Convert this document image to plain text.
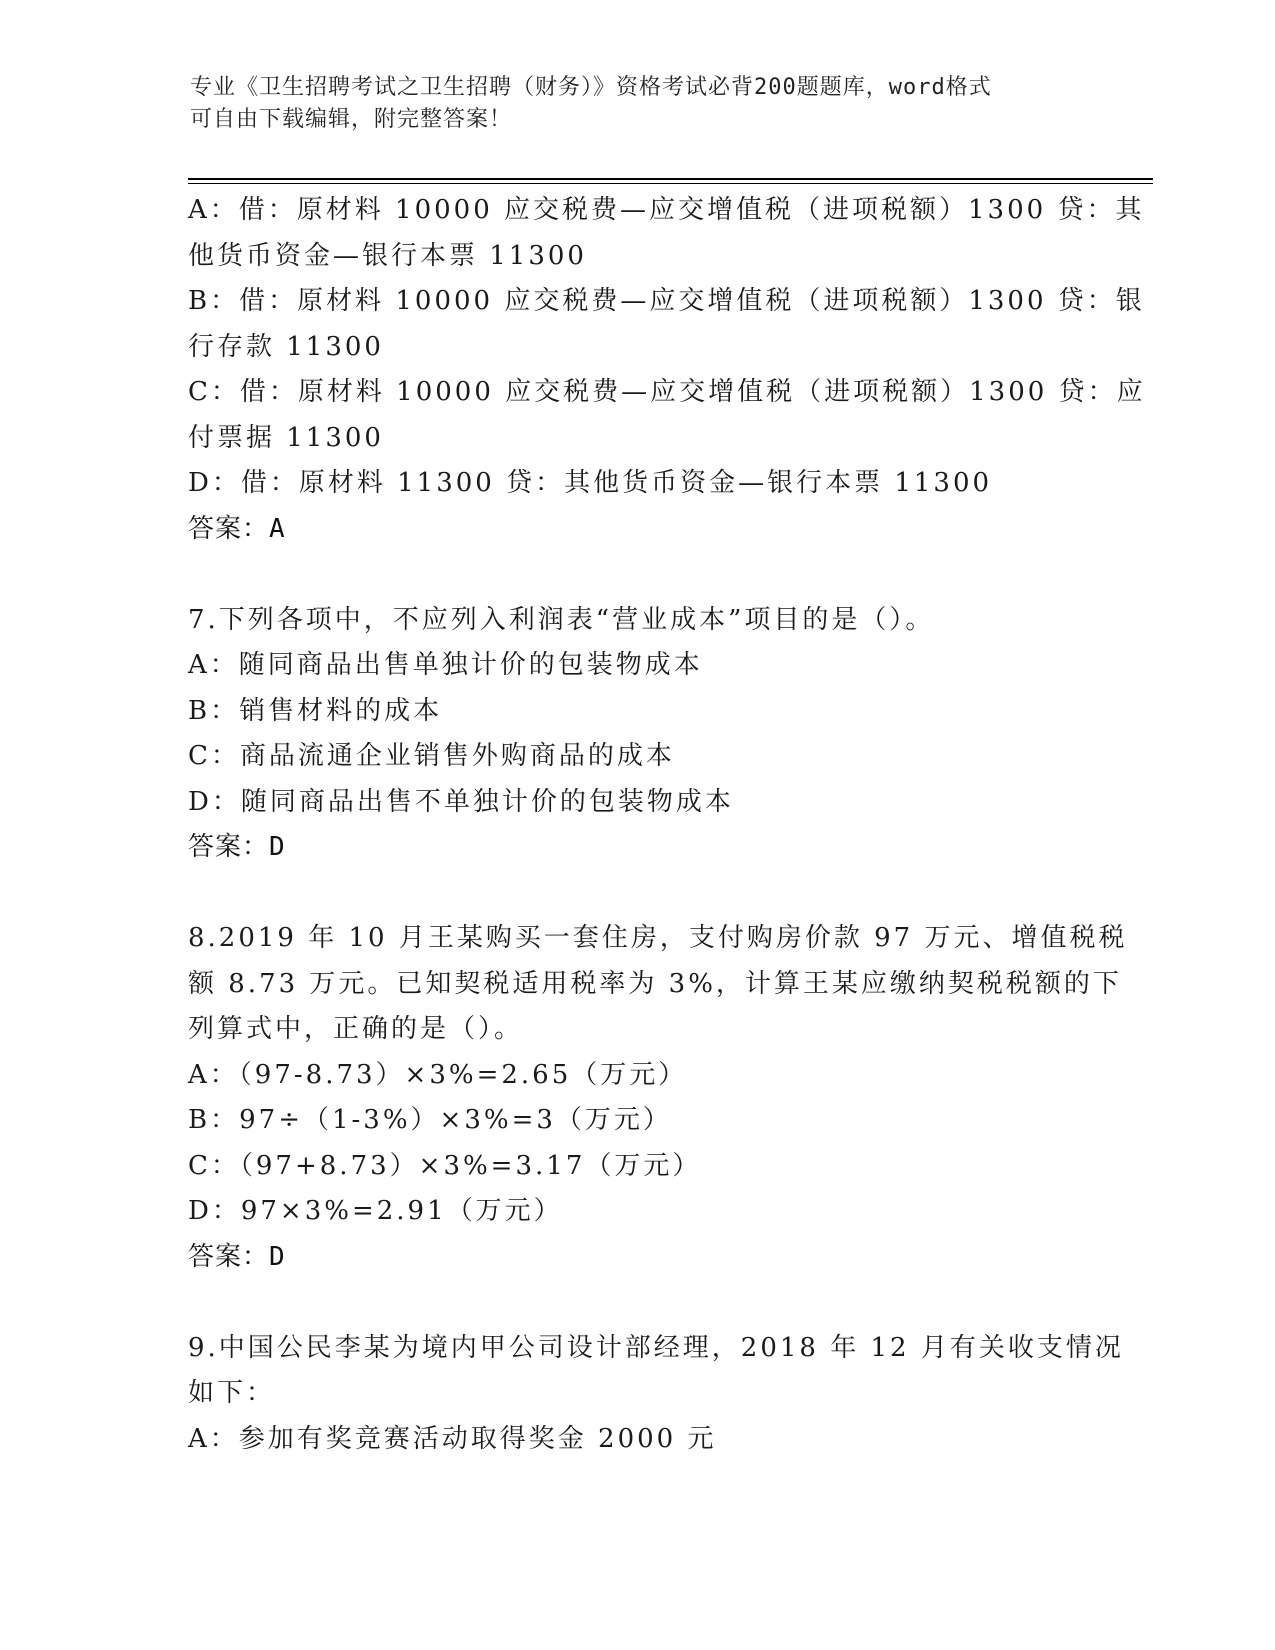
专业《卫生招聘考试之卫生招聘（财务）》资格考试必背200题题库，word格式
可自由下载编辑，附完整答案！
A：借：原材料 10000 应交税费—应交增值税（进项税额）1300 贷：其
他货币资金—银行本票 11300
B：借：原材料 10000 应交税费—应交增值税（进项税额）1300 贷：银
行存款 11300
C：借：原材料 10000 应交税费—应交增值税（进项税额）1300 贷：应
付票据 11300
D：借：原材料 11300 贷：其他货币资金—银行本票 11300
答案：A
7.下列各项中，不应列入利润表“营业成本”项目的是（）。
A：随同商品出售单独计价的包装物成本
B：销售材料的成本
C：商品流通企业销售外购商品的成本
D：随同商品出售不单独计价的包装物成本
答案：D
8.2019 年 10 月王某购买一套住房，支付购房价款 97 万元、增值税税
额 8.73 万元。已知契税适用税率为 3%，计算王某应缴纳契税税额的下
列算式中，正确的是（）。
A：（97-8.73）×3%=2.65（万元）
B：97÷（1-3%）×3%=3（万元）
C：（97+8.73）×3%=3.17（万元）
D：97×3%=2.91（万元）
答案：D
9.中国公民李某为境内甲公司设计部经理，2018 年 12 月有关收支情况
如下：
A：参加有奖竞赛活动取得奖金 2000 元
